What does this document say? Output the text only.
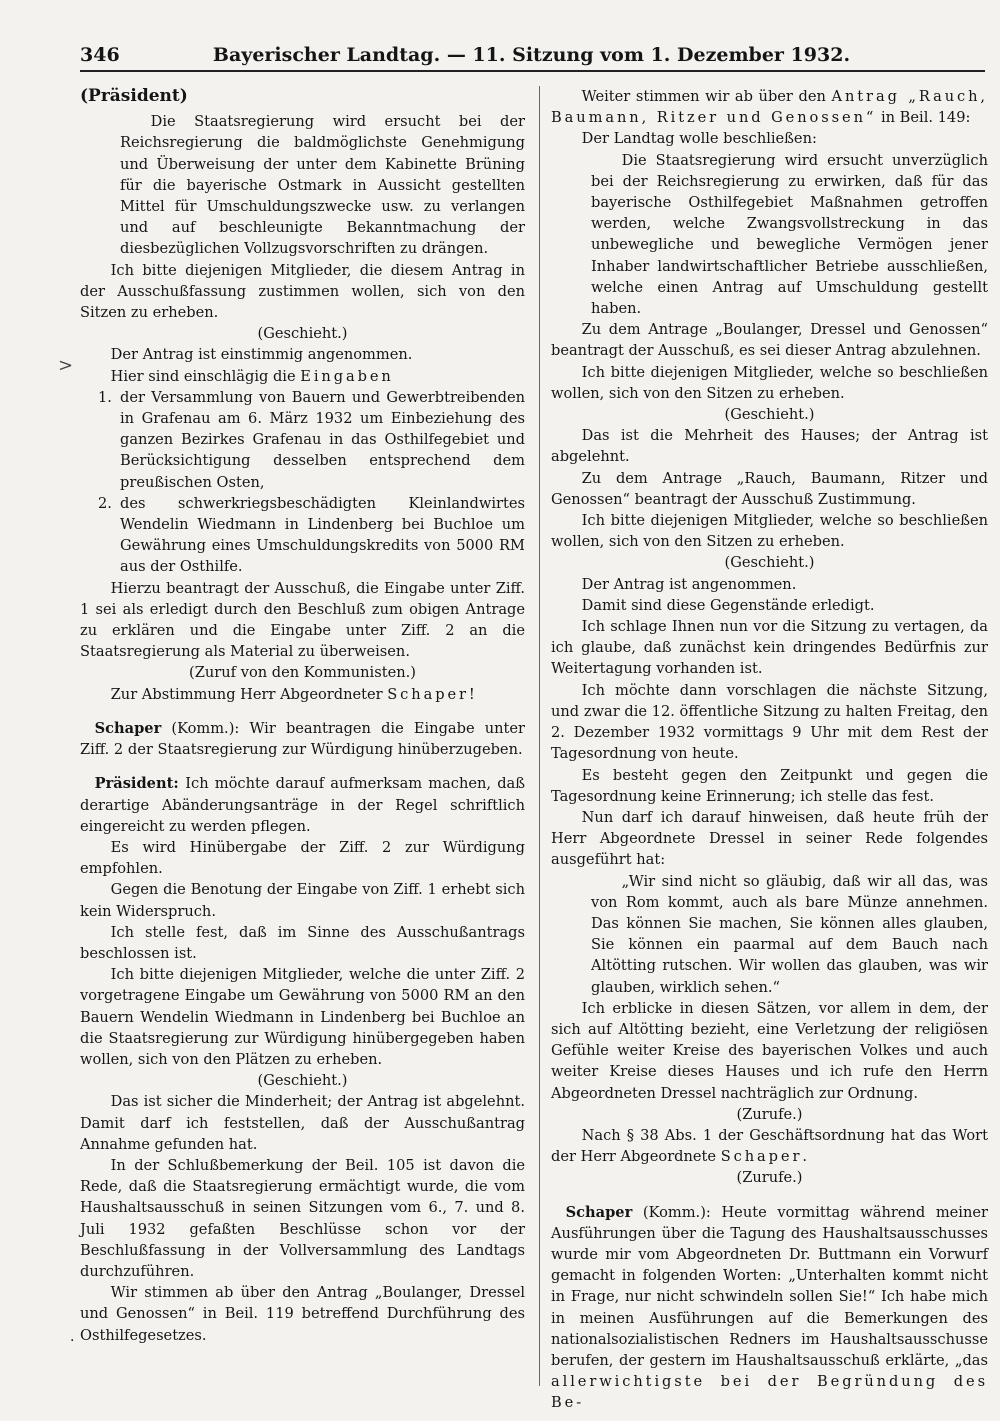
346	Bayerischer Landtag. — 11. Sitzung vom 1. Dezember 1932.
>
.

(Präsident)

Die Staatsregierung wird ersucht bei der Reichsregierung die baldmöglichste Genehmigung und Überweisung der unter dem Kabinette Brüning für die bayerische Ostmark in Aussicht gestellten Mittel für Umschuldungszwecke usw. zu verlangen und auf beschleunigte Bekanntmachung der diesbezüglichen Vollzugsvorschriften zu drängen.

Ich bitte diejenigen Mitglieder, die diesem Antrag in der Ausschußfassung zustimmen wollen, sich von den Sitzen zu erheben.

(Geschieht.)

Der Antrag ist einstimmig angenommen.

Hier sind einschlägig die Eingaben

1. der Versammlung von Bauern und Gewerbtreibenden in Grafenau am 6. März 1932 um Einbeziehung des ganzen Bezirkes Grafenau in das Osthilfegebiet und Berücksichtigung desselben entsprechend dem preußischen Osten,

2. des schwerkriegsbeschädigten Kleinlandwirtes Wendelin Wiedmann in Lindenberg bei Buchloe um Gewährung eines Umschuldungskredits von 5000 RM aus der Osthilfe.

Hierzu beantragt der Ausschuß, die Eingabe unter Ziff. 1 sei als erledigt durch den Beschluß zum obigen Antrage zu erklären und die Eingabe unter Ziff. 2 an die Staatsregierung als Material zu überweisen.

(Zuruf von den Kommunisten.)

Zur Abstimmung Herr Abgeordneter Schaper!

Schaper (Komm.): Wir beantragen die Eingabe unter Ziff. 2 der Staatsregierung zur Würdigung hinüberzugeben.

Präsident: Ich möchte darauf aufmerksam machen, daß derartige Abänderungsanträge in der Regel schriftlich eingereicht zu werden pflegen.

Es wird Hinübergabe der Ziff. 2 zur Würdigung empfohlen.

Gegen die Benotung der Eingabe von Ziff. 1 erhebt sich kein Widerspruch.

Ich stelle fest, daß im Sinne des Ausschußantrags beschlossen ist.

Ich bitte diejenigen Mitglieder, welche die unter Ziff. 2 vorgetragene Eingabe um Gewährung von 5000 RM an den Bauern Wendelin Wiedmann in Lindenberg bei Buchloe an die Staatsregierung zur Würdigung hinübergegeben haben wollen, sich von den Plätzen zu erheben.

(Geschieht.)

Das ist sicher die Minderheit; der Antrag ist abgelehnt. Damit darf ich feststellen, daß der Ausschußantrag Annahme gefunden hat.

In der Schlußbemerkung der Beil. 105 ist davon die Rede, daß die Staatsregierung ermächtigt wurde, die vom Haushaltsausschuß in seinen Sitzungen vom 6., 7. und 8. Juli 1932 gefaßten Beschlüsse schon vor der Beschlußfassung in der Vollversammlung des Landtags durchzuführen.

Wir stimmen ab über den Antrag „Boulanger, Dressel und Genossen“ in Beil. 119 betreffend Durchführung des Osthilfegesetzes.

Weiter stimmen wir ab über den Antrag „Rauch, Baumann, Ritzer und Genossen“ in Beil. 149:

Der Landtag wolle beschließen:

Die Staatsregierung wird ersucht unverzüglich bei der Reichsregierung zu erwirken, daß für das bayerische Osthilfegebiet Maßnahmen getroffen werden, welche Zwangsvollstreckung in das unbewegliche und bewegliche Vermögen jener Inhaber landwirtschaftlicher Betriebe ausschließen, welche einen Antrag auf Umschuldung gestellt haben.

Zu dem Antrage „Boulanger, Dressel und Genossen“ beantragt der Ausschuß, es sei dieser Antrag abzulehnen.

Ich bitte diejenigen Mitglieder, welche so beschließen wollen, sich von den Sitzen zu erheben.

(Geschieht.)

Das ist die Mehrheit des Hauses; der Antrag ist abgelehnt.

Zu dem Antrage „Rauch, Baumann, Ritzer und Genossen“ beantragt der Ausschuß Zustimmung.

Ich bitte diejenigen Mitglieder, welche so beschließen wollen, sich von den Sitzen zu erheben.

(Geschieht.)

Der Antrag ist angenommen.

Damit sind diese Gegenstände erledigt.

Ich schlage Ihnen nun vor die Sitzung zu vertagen, da ich glaube, daß zunächst kein dringendes Bedürfnis zur Weitertagung vorhanden ist.

Ich möchte dann vorschlagen die nächste Sitzung, und zwar die 12. öffentliche Sitzung zu halten Freitag, den 2. Dezember 1932 vormittags 9 Uhr mit dem Rest der Tagesordnung von heute.

Es besteht gegen den Zeitpunkt und gegen die Tagesordnung keine Erinnerung; ich stelle das fest.

Nun darf ich darauf hinweisen, daß heute früh der Herr Abgeordnete Dressel in seiner Rede folgendes ausgeführt hat:

„Wir sind nicht so gläubig, daß wir all das, was von Rom kommt, auch als bare Münze annehmen. Das können Sie machen, Sie können alles glauben, Sie können ein paarmal auf dem Bauch nach Altötting rutschen. Wir wollen das glauben, was wir glauben, wirklich sehen.“

Ich erblicke in diesen Sätzen, vor allem in dem, der sich auf Altötting bezieht, eine Verletzung der religiösen Gefühle weiter Kreise des bayerischen Volkes und auch weiter Kreise dieses Hauses und ich rufe den Herrn Abgeordneten Dressel nachträglich zur Ordnung.

(Zurufe.)

Nach § 38 Abs. 1 der Geschäftsordnung hat das Wort der Herr Abgeordnete Schaper.

(Zurufe.)

Schaper (Komm.): Heute vormittag während meiner Ausführungen über die Tagung des Haushaltsausschusses wurde mir vom Abgeordneten Dr. Buttmann ein Vorwurf gemacht in folgenden Worten: „Unterhalten kommt nicht in Frage, nur nicht schwindeln sollen Sie!“ Ich habe mich in meinen Ausführungen auf die Bemerkungen des nationalsozialistischen Redners im Haushaltsausschusse berufen, der gestern im Haushaltsausschuß erklärte, „das allerwichtigste bei der Begründung des Be-
